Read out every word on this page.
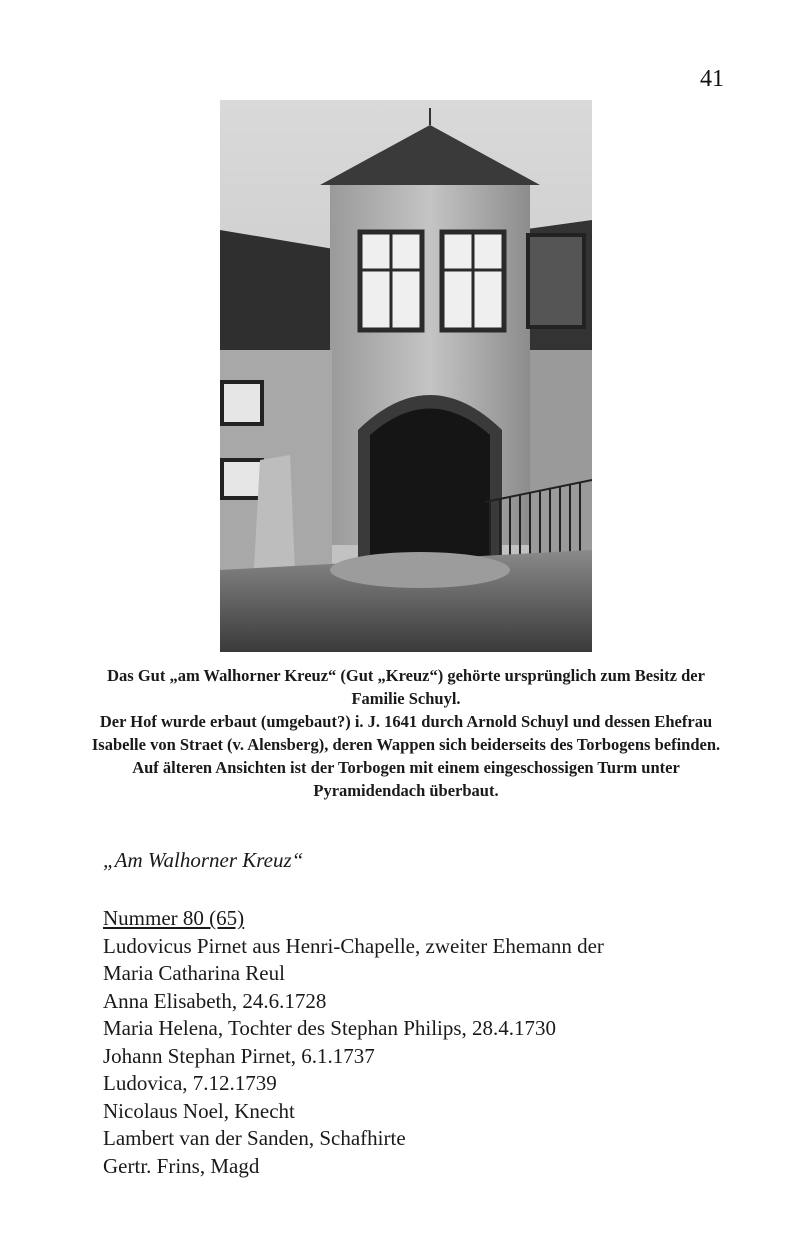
41

Das Gut „am Walhorner Kreuz“ (Gut „Kreuz“) gehörte ursprünglich zum Besitz der Familie Schuyl.

Der Hof wurde erbaut (umgebaut?) i. J. 1641 durch Arnold Schuyl und dessen Ehefrau Isabelle von Straet (v. Alensberg), deren Wappen sich beiderseits des Torbogens befinden.

Auf älteren Ansichten ist der Torbogen mit einem eingeschossigen Turm unter Pyramidendach überbaut.

„Am Walhorner Kreuz“
Nummer 80 (65)
Ludovicus Pirnet aus Henri-Chapelle, zweiter Ehemann der
Maria Catharina Reul
Anna Elisabeth, 24.6.1728
Maria Helena, Tochter des Stephan Philips, 28.4.1730
Johann Stephan Pirnet, 6.1.1737
Ludovica, 7.12.1739
Nicolaus Noel, Knecht
Lambert van der Sanden, Schafhirte
Gertr. Frins, Magd
